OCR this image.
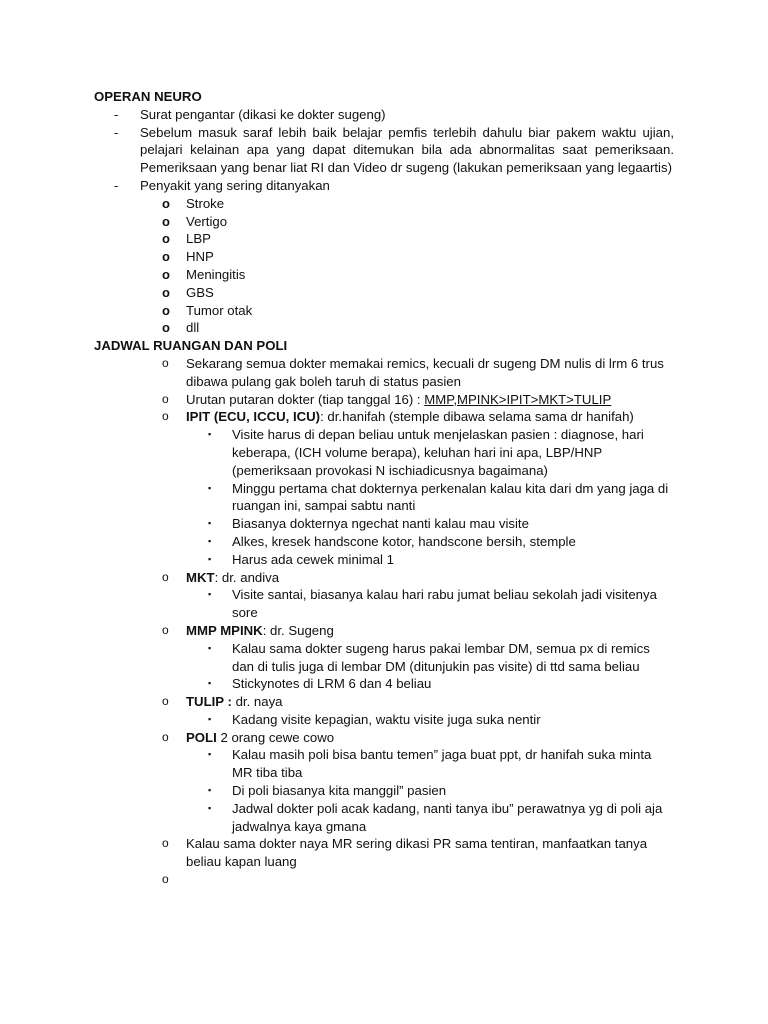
OPERAN NEURO
-	Surat pengantar (dikasi ke dokter sugeng)
-	Sebelum masuk saraf lebih baik belajar pemfis terlebih dahulu biar pakem waktu ujian, pelajari kelainan apa yang dapat ditemukan bila ada abnormalitas saat pemeriksaan. Pemeriksaan yang benar liat RI dan Video dr sugeng (lakukan pemeriksaan yang legaartis)
-	Penyakit yang sering ditanyakan
o	Stroke
o	Vertigo
o	LBP
o	HNP
o	Meningitis
o	GBS
o	Tumor otak
o	dll
JADWAL RUANGAN DAN POLI
o	Sekarang semua dokter memakai remics, kecuali dr sugeng DM nulis di lrm 6 trus dibawa pulang gak boleh taruh di status pasien
o	Urutan putaran dokter (tiap tanggal 16) : MMP,MPINK>IPIT>MKT>TULIP
o	IPIT (ECU, ICCU, ICU): dr.hanifah (stemple dibawa selama sama dr hanifah)
▪	Visite harus di depan beliau untuk menjelaskan pasien : diagnose, hari keberapa, (ICH volume berapa), keluhan hari ini apa, LBP/HNP (pemeriksaan provokasi N ischiadicusnya bagaimana)
▪	Minggu pertama chat dokternya perkenalan kalau kita dari dm yang jaga di ruangan ini, sampai sabtu nanti
▪	Biasanya dokternya ngechat nanti kalau mau visite
▪	Alkes, kresek handscone kotor, handscone bersih, stemple
▪	Harus ada cewek minimal 1
o	MKT: dr. andiva
▪	Visite santai, biasanya kalau hari rabu jumat beliau sekolah jadi visitenya sore
o	MMP MPINK: dr. Sugeng
▪	Kalau sama dokter sugeng harus pakai lembar DM, semua px di remics dan di tulis juga di lembar DM (ditunjukin pas visite) di ttd sama beliau
▪	Stickynotes di LRM 6 dan 4 beliau
o	TULIP : dr. naya
▪	Kadang visite kepagian, waktu visite juga suka nentir
o	POLI 2 orang cewe cowo
▪	Kalau masih poli bisa bantu temen” jaga buat ppt, dr hanifah suka minta MR tiba tiba
▪	Di poli biasanya kita manggil” pasien
▪	Jadwal dokter poli acak kadang, nanti tanya ibu” perawatnya yg di poli aja jadwalnya kaya gmana
o	Kalau sama dokter naya MR sering dikasi PR sama tentiran, manfaatkan tanya beliau kapan luang
o
